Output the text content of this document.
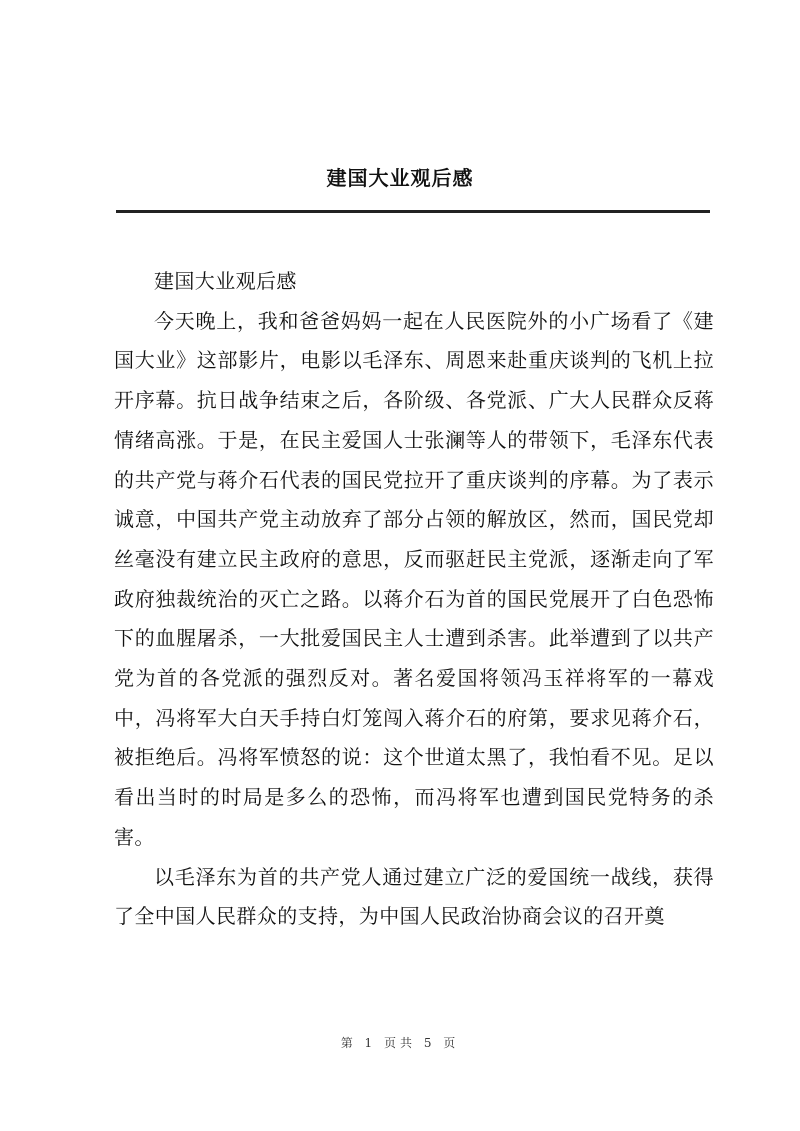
建国大业观后感

建国大业观后感

今天晚上，我和爸爸妈妈一起在人民医院外的小广场看了《建国大业》这部影片，电影以毛泽东、周恩来赴重庆谈判的飞机上拉开序幕。抗日战争结束之后，各阶级、各党派、广大人民群众反蒋情绪高涨。于是，在民主爱国人士张澜等人的带领下，毛泽东代表的共产党与蒋介石代表的国民党拉开了重庆谈判的序幕。为了表示诚意，中国共产党主动放弃了部分占领的解放区，然而，国民党却丝毫没有建立民主政府的意思，反而驱赶民主党派，逐渐走向了军政府独裁统治的灭亡之路。以蒋介石为首的国民党展开了白色恐怖下的血腥屠杀，一大批爱国民主人士遭到杀害。此举遭到了以共产党为首的各党派的强烈反对。著名爱国将领冯玉祥将军的一幕戏中，冯将军大白天手持白灯笼闯入蒋介石的府第，要求见蒋介石，被拒绝后。冯将军愤怒的说：这个世道太黑了，我怕看不见。足以看出当时的时局是多么的恐怖，而冯将军也遭到国民党特务的杀害。

以毛泽东为首的共产党人通过建立广泛的爱国统一战线，获得了全中国人民群众的支持，为中国人民政治协商会议的召开奠

第 1 页共 5 页
